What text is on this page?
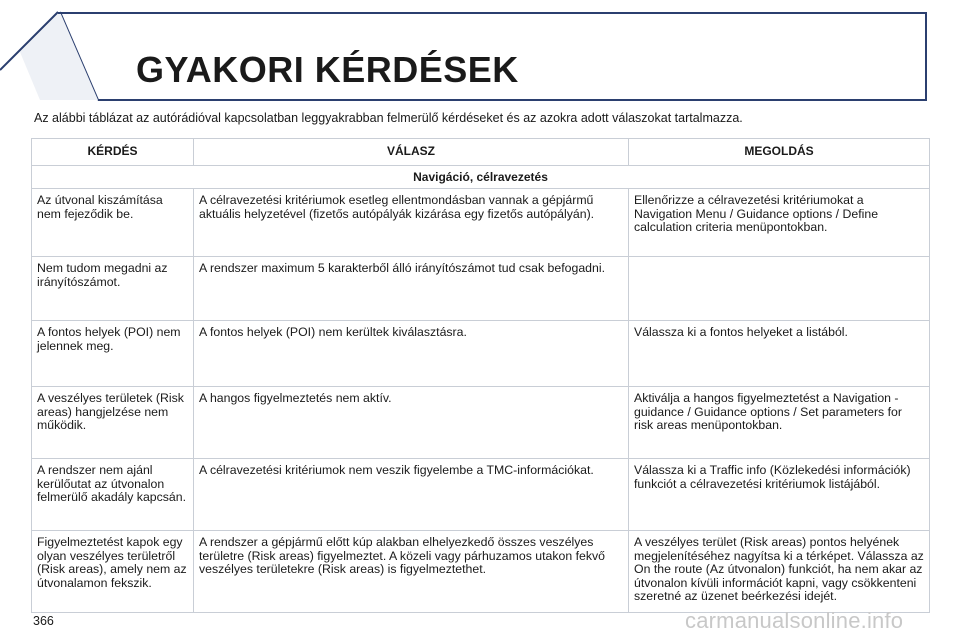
GYAKORI KÉRDÉSEK
Az alábbi táblázat az autórádióval kapcsolatban leggyakrabban felmerülő kérdéseket és az azokra adott válaszokat tartalmazza.
KÉRDÉS	VÁLASZ	MEGOLDÁS
Navigáció, célravezetés		
Az útvonal kiszámítása nem fejeződik be.	A célravezetési kritériumok esetleg ellentmondásban vannak a gépjármű aktuális helyzetével (fizetős autópályák kizárása egy fizetős autópályán).	Ellenőrizze a célravezetési kritériumokat a Navigation Menu / Guidance options / Define calculation criteria menüpontokban.
Nem tudom megadni az irányítószámot.	A rendszer maximum 5 karakterből álló irányítószámot tud csak befogadni.	
A fontos helyek (POI) nem jelennek meg.	A fontos helyek (POI) nem kerültek kiválasztásra.	Válassza ki a fontos helyeket a listából.
A veszélyes területek (Risk areas) hangjelzése nem működik.	A hangos figyelmeztetés nem aktív.	Aktiválja a hangos figyelmeztetést a Navigation - guidance / Guidance options / Set parameters for risk areas menüpontokban.
A rendszer nem ajánl kerülőutat az útvonalon felmerülő akadály kapcsán.	A célravezetési kritériumok nem veszik figyelembe a TMC-információkat.	Válassza ki a Traffic info (Közlekedési információk) funkciót a célravezetési kritériumok listájából.
Figyelmeztetést kapok egy olyan veszélyes területről (Risk areas), amely nem az útvonalamon fekszik.	A rendszer a gépjármű előtt kúp alakban elhelyezkedő összes veszélyes területre (Risk areas) figyelmeztet. A közeli vagy párhuzamos utakon fekvő veszélyes területekre (Risk areas) is figyelmeztethet.	A veszélyes terület (Risk areas) pontos helyének megjelenítéséhez nagyítsa ki a térképet. Válassza az On the route (Az útvonalon) funkciót, ha nem akar az útvonalon kívüli információt kapni, vagy csökkenteni szeretné az üzenet beérkezési idejét.
366	carmanualsonline.info
